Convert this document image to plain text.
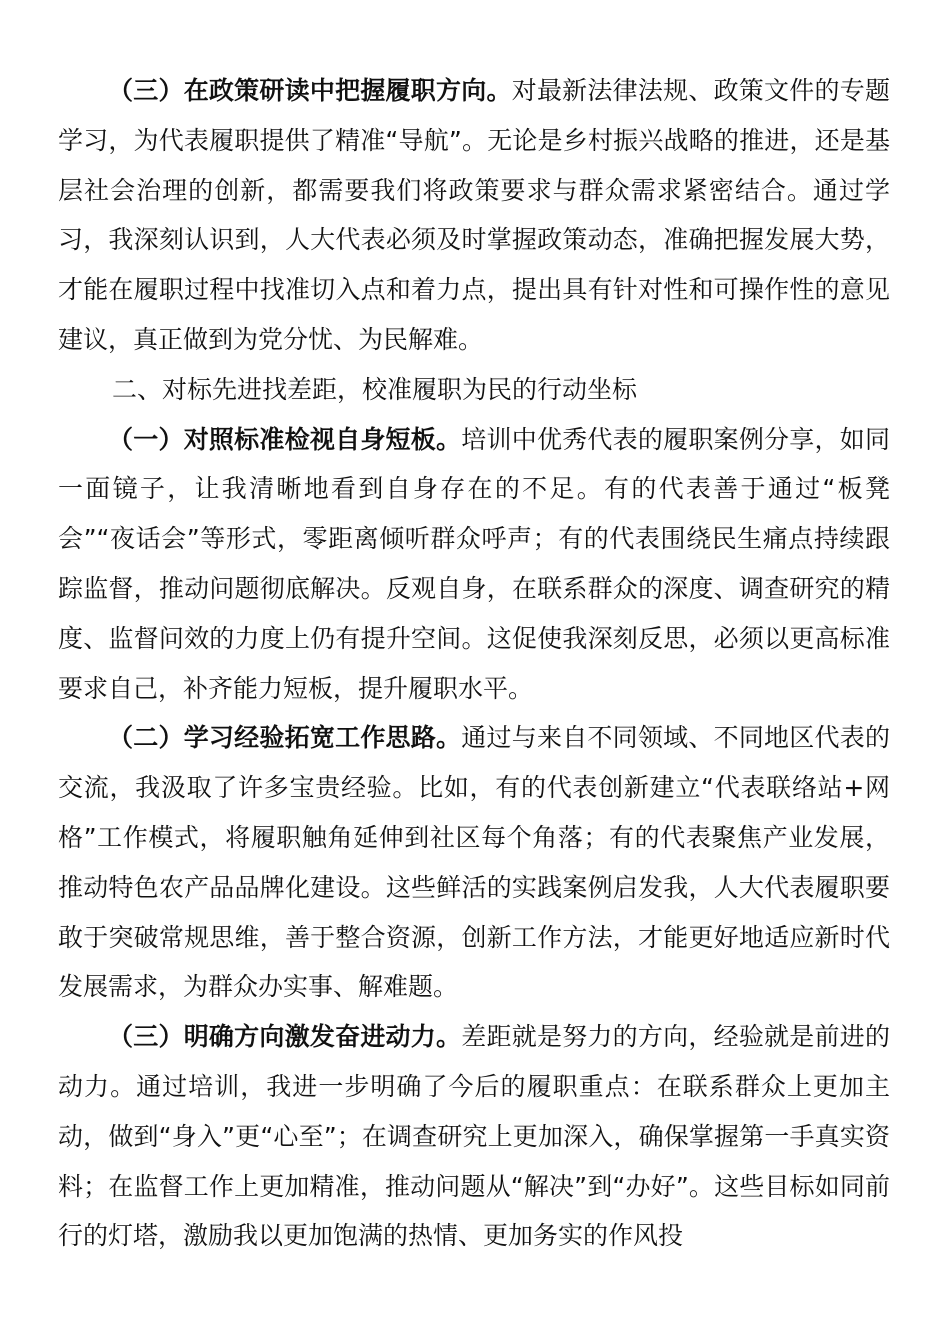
（三）在政策研读中把握履职方向。对最新法律法规、政策文件的专题学习，为代表履职提供了精准“导航”。无论是乡村振兴战略的推进，还是基层社会治理的创新，都需要我们将政策要求与群众需求紧密结合。通过学习，我深刻认识到，人大代表必须及时掌握政策动态，准确把握发展大势，才能在履职过程中找准切入点和着力点，提出具有针对性和可操作性的意见建议，真正做到为党分忧、为民解难。

二、对标先进找差距，校准履职为民的行动坐标

（一）对照标准检视自身短板。培训中优秀代表的履职案例分享，如同一面镜子，让我清晰地看到自身存在的不足。有的代表善于通过“板凳会”“夜话会”等形式，零距离倾听群众呼声；有的代表围绕民生痛点持续跟踪监督，推动问题彻底解决。反观自身，在联系群众的深度、调查研究的精度、监督问效的力度上仍有提升空间。这促使我深刻反思，必须以更高标准要求自己，补齐能力短板，提升履职水平。

（二）学习经验拓宽工作思路。通过与来自不同领域、不同地区代表的交流，我汲取了许多宝贵经验。比如，有的代表创新建立“代表联络站+网格”工作模式，将履职触角延伸到社区每个角落；有的代表聚焦产业发展，推动特色农产品品牌化建设。这些鲜活的实践案例启发我，人大代表履职要敢于突破常规思维，善于整合资源，创新工作方法，才能更好地适应新时代发展需求，为群众办实事、解难题。

（三）明确方向激发奋进动力。差距就是努力的方向，经验就是前进的动力。通过培训，我进一步明确了今后的履职重点：在联系群众上更加主动，做到“身入”更“心至”；在调查研究上更加深入，确保掌握第一手真实资料；在监督工作上更加精准，推动问题从“解决”到“办好”。这些目标如同前行的灯塔，激励我以更加饱满的热情、更加务实的作风投
